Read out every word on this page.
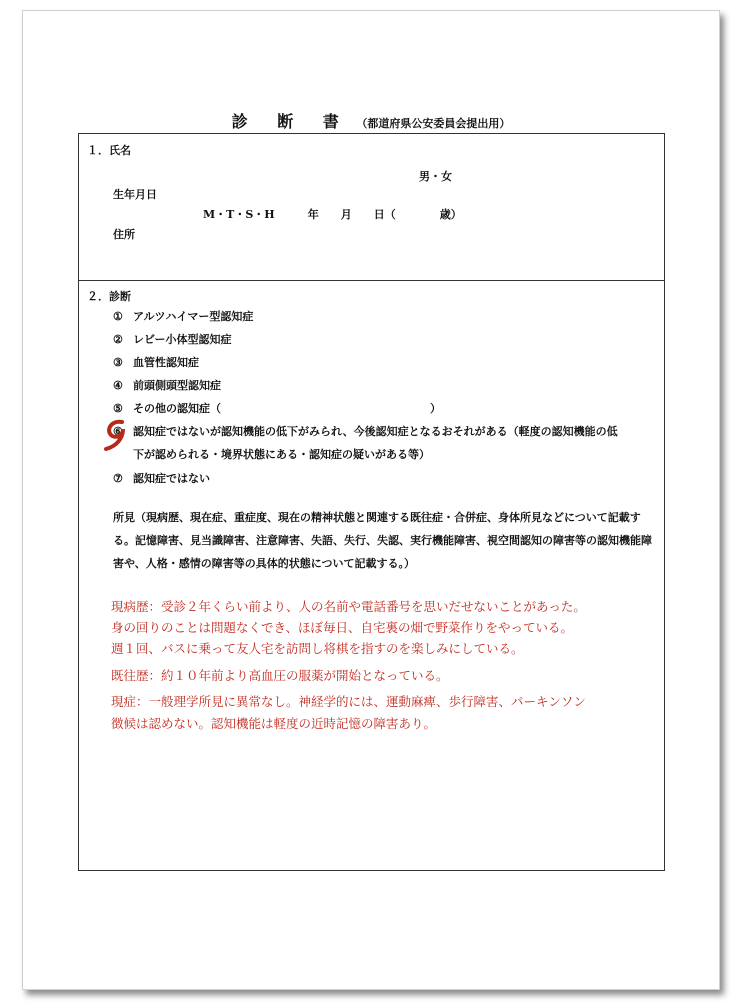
診 断 書 （都道府県公安委員会提出用）
１．氏名
男・女
生年月日
M・T・S・H　　　年　　月　　日（　　　　歳）
住所
２．診断
① アルツハイマー型認知症
② レビー小体型認知症
③ 血管性認知症
④ 前頭側頭型認知症
⑤ その他の認知症（　　　　　　　　　　　　　　　　　　　）
⑥ 認知症ではないが認知機能の低下がみられ、今後認知症となるおそれがある（軽度の認知機能の低
下が認められる・境界状態にある・認知症の疑いがある等）
⑦ 認知症ではない
所見（現病歴、現在症、重症度、現在の精神状態と関連する既往症・合併症、身体所見などについて記載する。記憶障害、見当識障害、注意障害、失語、失行、失認、実行機能障害、視空間認知の障害等の認知機能障害や、人格・感情の障害等の具体的状態について記載する。）
現病歴：受診２年くらい前より、人の名前や電話番号を思いだせないことがあった。
身の回りのことは問題なくでき、ほぼ毎日、自宅裏の畑で野菜作りをやっている。
週１回、バスに乗って友人宅を訪問し将棋を指すのを楽しみにしている。
既往歴：約１０年前より高血圧の服薬が開始となっている。
現症：一般理学所見に異常なし。神経学的には、運動麻痺、歩行障害、パーキンソン
徴候は認めない。認知機能は軽度の近時記憶の障害あり。
